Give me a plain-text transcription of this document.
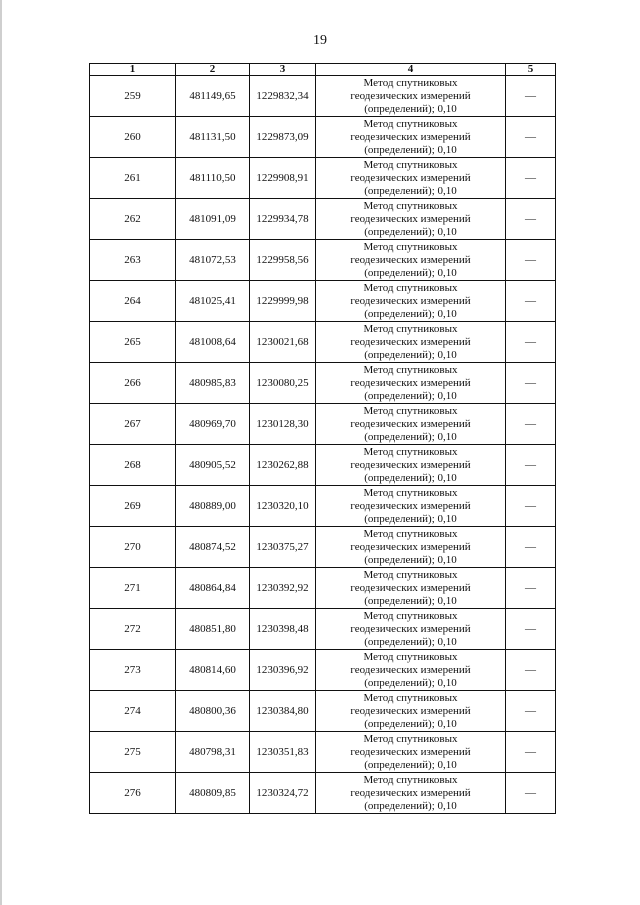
19
1	2	3	4	5
259	481149,65	1229832,34	Метод спутниковых
геодезических измерений
(определений); 0,10	—
260	481131,50	1229873,09	Метод спутниковых
геодезических измерений
(определений); 0,10	—
261	481110,50	1229908,91	Метод спутниковых
геодезических измерений
(определений); 0,10	—
262	481091,09	1229934,78	Метод спутниковых
геодезических измерений
(определений); 0,10	—
263	481072,53	1229958,56	Метод спутниковых
геодезических измерений
(определений); 0,10	—
264	481025,41	1229999,98	Метод спутниковых
геодезических измерений
(определений); 0,10	—
265	481008,64	1230021,68	Метод спутниковых
геодезических измерений
(определений); 0,10	—
266	480985,83	1230080,25	Метод спутниковых
геодезических измерений
(определений); 0,10	—
267	480969,70	1230128,30	Метод спутниковых
геодезических измерений
(определений); 0,10	—
268	480905,52	1230262,88	Метод спутниковых
геодезических измерений
(определений); 0,10	—
269	480889,00	1230320,10	Метод спутниковых
геодезических измерений
(определений); 0,10	—
270	480874,52	1230375,27	Метод спутниковых
геодезических измерений
(определений); 0,10	—
271	480864,84	1230392,92	Метод спутниковых
геодезических измерений
(определений); 0,10	—
272	480851,80	1230398,48	Метод спутниковых
геодезических измерений
(определений); 0,10	—
273	480814,60	1230396,92	Метод спутниковых
геодезических измерений
(определений); 0,10	—
274	480800,36	1230384,80	Метод спутниковых
геодезических измерений
(определений); 0,10	—
275	480798,31	1230351,83	Метод спутниковых
геодезических измерений
(определений); 0,10	—
276	480809,85	1230324,72	Метод спутниковых
геодезических измерений
(определений); 0,10	—
